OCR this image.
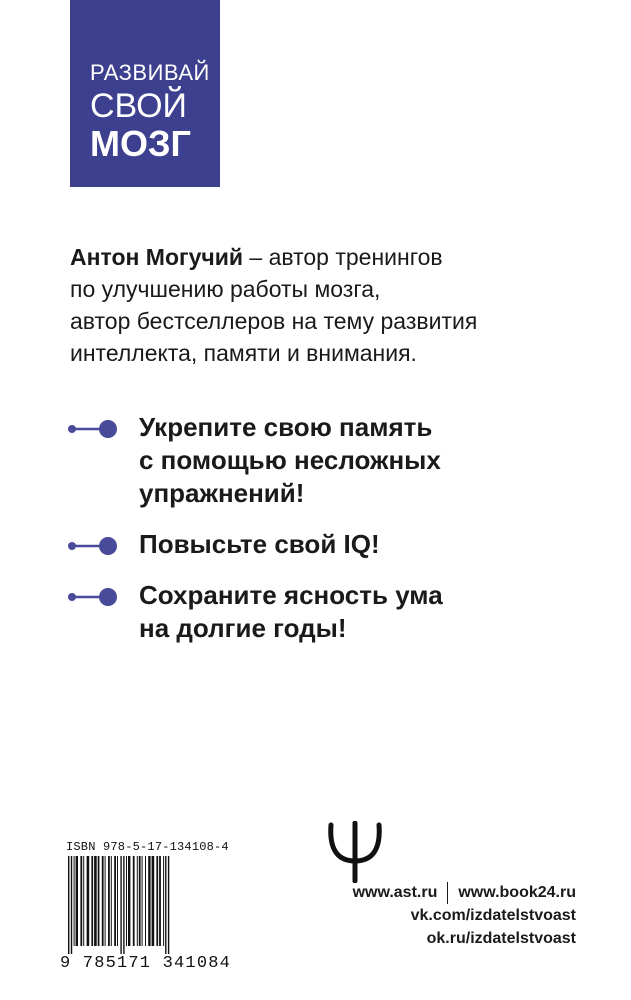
РАЗВИВАЙ
СВОЙ
МОЗГ
Антон Могучий – автор тренингов
по улучшению работы мозга,
автор бестселлеров на тему развития
интеллекта, памяти и внимания.
Укрепите свою память
с помощью несложных
упражнений!
Повысьте свой IQ!
Сохраните ясность ума
на долгие годы!
www.ast.ru www.book24.ru
vk.com/izdatelstvoast
ok.ru/izdatelstvoast
ISBN 978-5-17-134108-4
9 785171 341084
